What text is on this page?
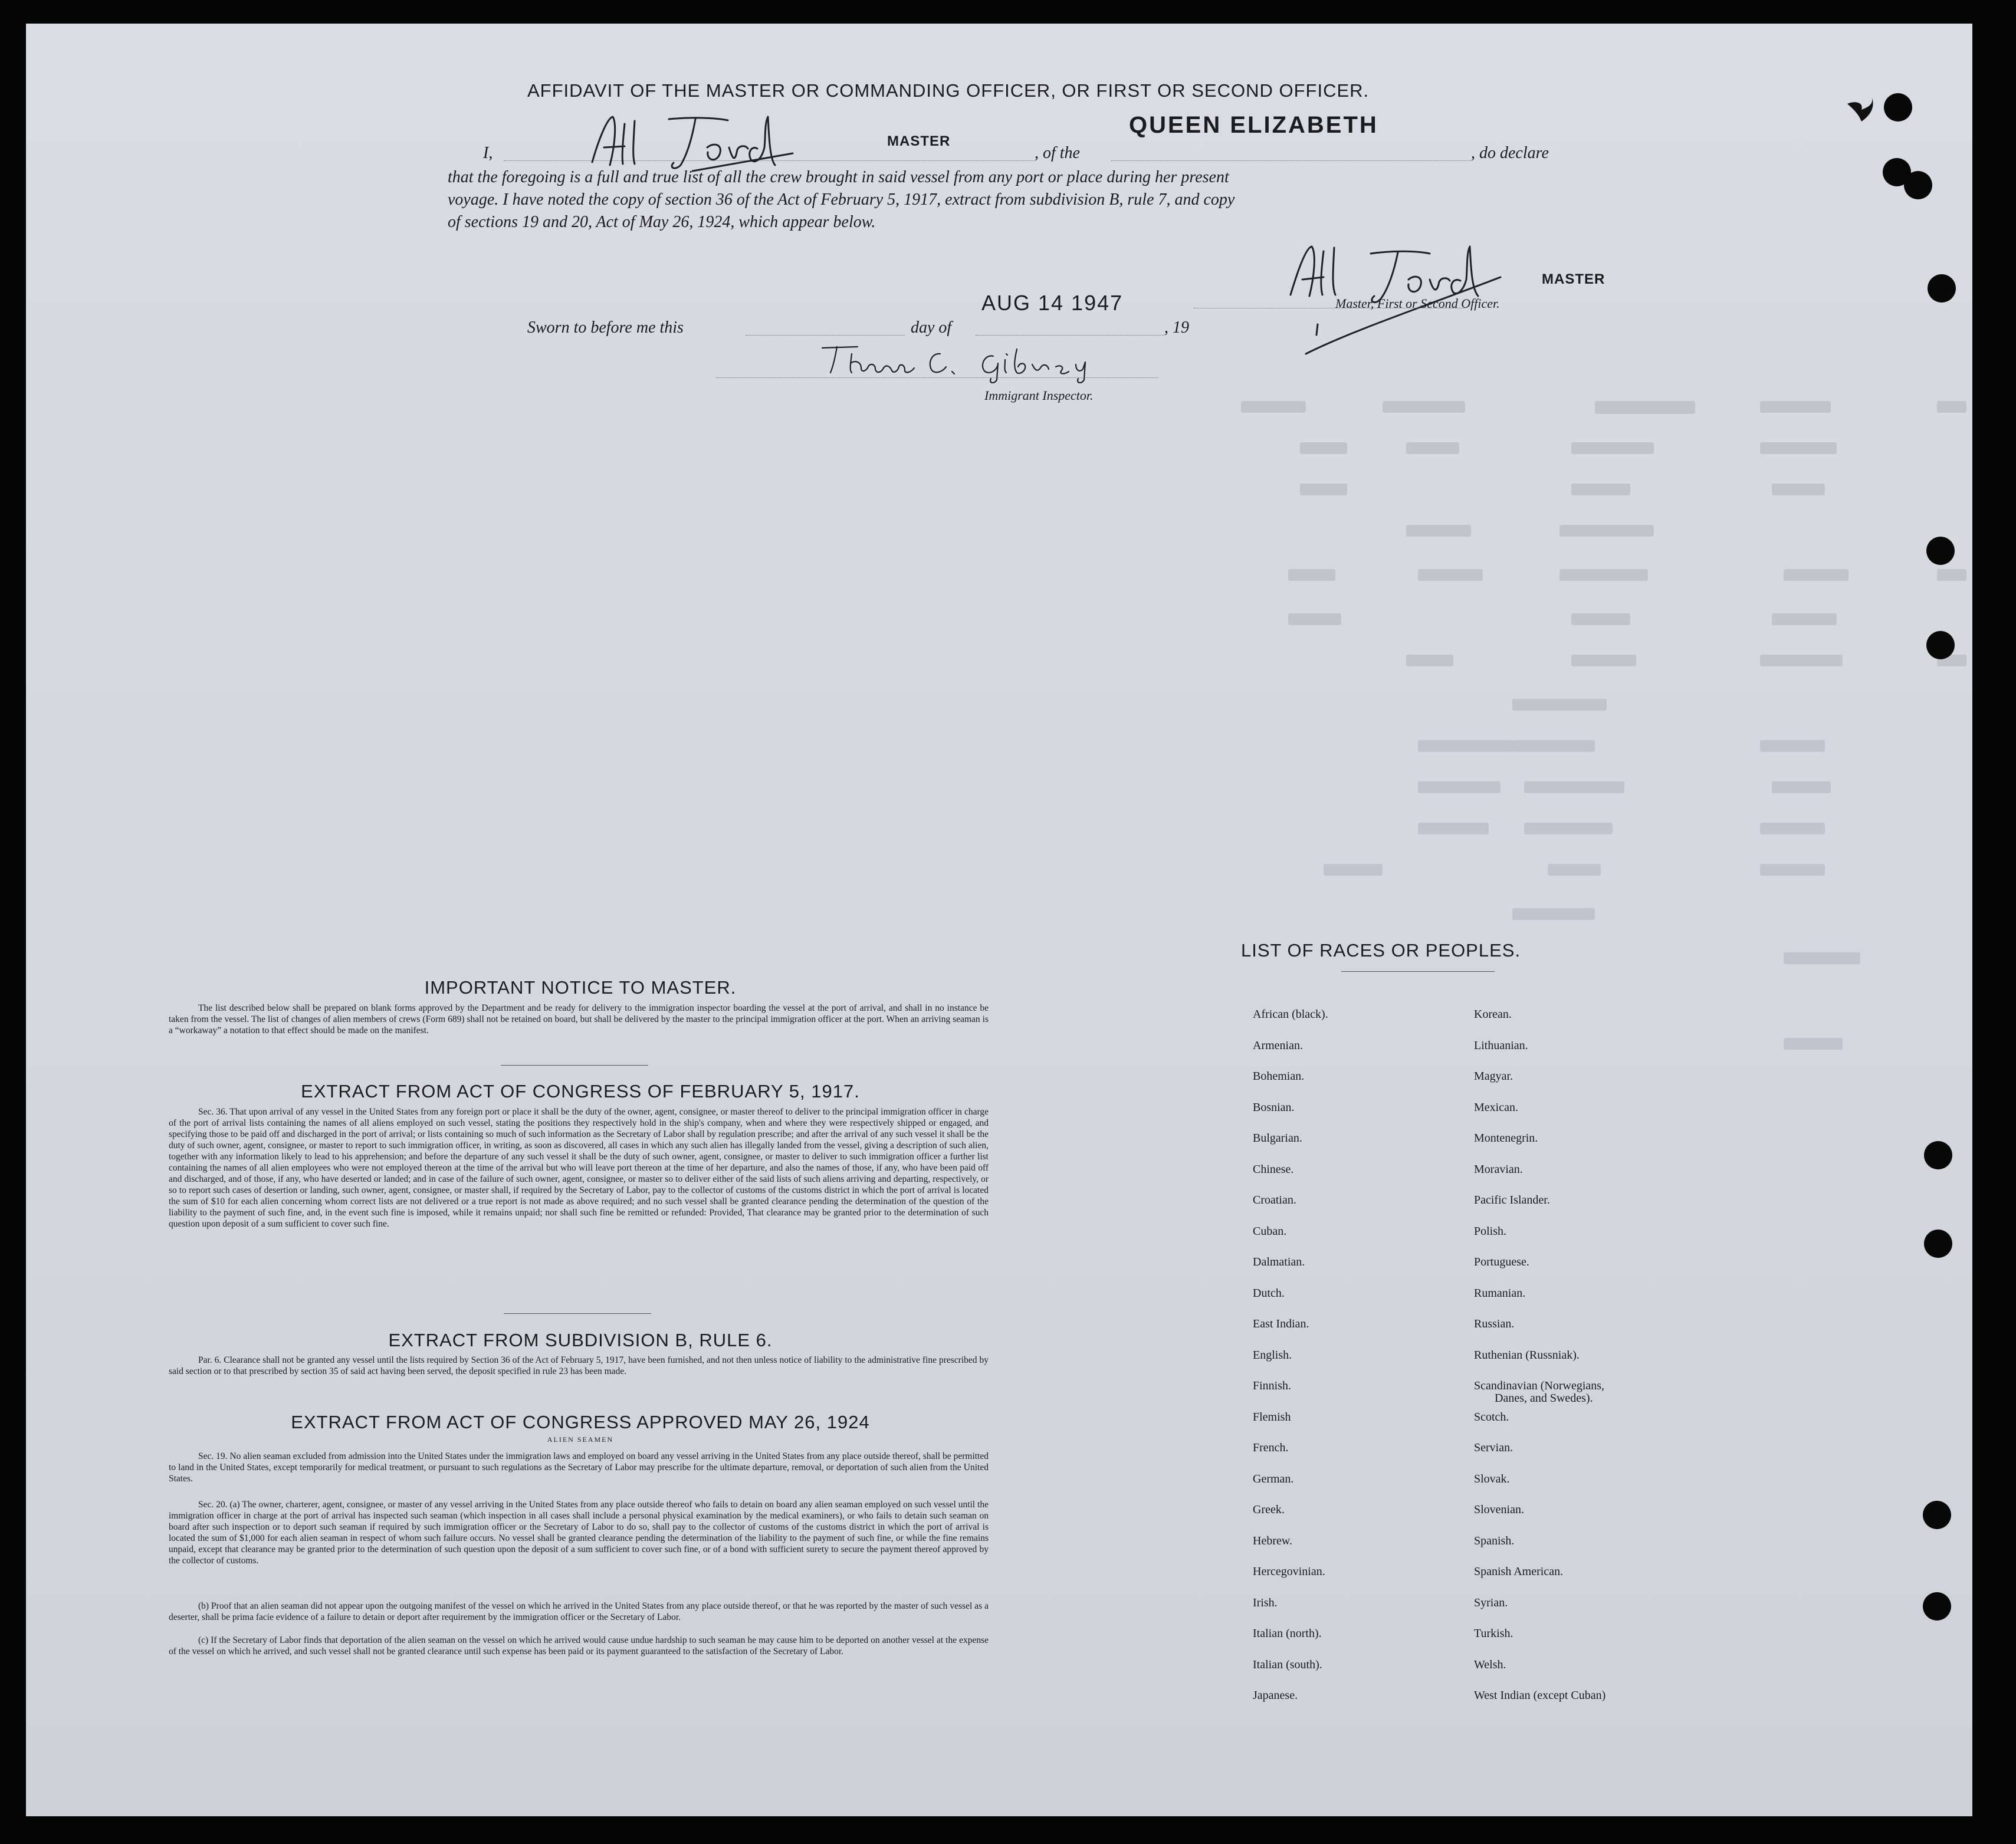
AFFIDAVIT OF THE MASTER OR COMMANDING OFFICER, OR FIRST OR SECOND OFFICER.
I,
MASTER
, of the
QUEEN ELIZABETH
, do declare
that the foregoing is a full and true list of all the crew brought in said vessel from any port or place during her present
voyage. I have noted the copy of section 36 of the Act of February 5, 1917, extract from subdivision B, rule 7, and copy
of sections 19 and 20, Act of May 26, 1924, which appear below.
AUG 14 1947
MASTER
Master, First or Second Officer.
Sworn to before me this	day of	, 19
Immigrant Inspector.
IMPORTANT NOTICE TO MASTER.
The list described below shall be prepared on blank forms approved by the Department and be ready for delivery to the immigration inspector boarding the vessel at the port of arrival, and shall in no instance be taken from the vessel. The list of changes of alien members of crews (Form 689) shall not be retained on board, but shall be delivered by the master to the principal immigration officer at the port. When an arriving seaman is a “workaway” a notation to that effect should be made on the manifest.
EXTRACT FROM ACT OF CONGRESS OF FEBRUARY 5, 1917.
Sec. 36. That upon arrival of any vessel in the United States from any foreign port or place it shall be the duty of the owner, agent, consignee, or master thereof to deliver to the principal immigration officer in charge of the port of arrival lists containing the names of all aliens employed on such vessel, stating the positions they respectively hold in the ship's company, when and where they were respectively shipped or engaged, and specifying those to be paid off and discharged in the port of arrival; or lists containing so much of such information as the Secretary of Labor shall by regulation prescribe; and after the arrival of any such vessel it shall be the duty of such owner, agent, consignee, or master to report to such immigration officer, in writing, as soon as discovered, all cases in which any such alien has illegally landed from the vessel, giving a description of such alien, together with any information likely to lead to his apprehension; and before the departure of any such vessel it shall be the duty of such owner, agent, consignee, or master to deliver to such immigration officer a further list containing the names of all alien employees who were not employed thereon at the time of the arrival but who will leave port thereon at the time of her departure, and also the names of those, if any, who have been paid off and discharged, and of those, if any, who have deserted or landed; and in case of the failure of such owner, agent, consignee, or master so to deliver either of the said lists of such aliens arriving and departing, respectively, or so to report such cases of desertion or landing, such owner, agent, consignee, or master shall, if required by the Secretary of Labor, pay to the collector of customs of the customs district in which the port of arrival is located the sum of $10 for each alien concerning whom correct lists are not delivered or a true report is not made as above required; and no such vessel shall be granted clearance pending the determination of the question of the liability to the payment of such fine, and, in the event such fine is imposed, while it remains unpaid; nor shall such fine be remitted or refunded: Provided, That clearance may be granted prior to the determination of such question upon deposit of a sum sufficient to cover such fine.
EXTRACT FROM SUBDIVISION B, RULE 6.
Par. 6. Clearance shall not be granted any vessel until the lists required by Section 36 of the Act of February 5, 1917, have been furnished, and not then unless notice of liability to the administrative fine prescribed by said section or to that prescribed by section 35 of said act having been served, the deposit specified in rule 23 has been made.
EXTRACT FROM ACT OF CONGRESS APPROVED MAY 26, 1924
ALIEN SEAMEN
Sec. 19. No alien seaman excluded from admission into the United States under the immigration laws and employed on board any vessel arriving in the United States from any place outside thereof, shall be permitted to land in the United States, except temporarily for medical treatment, or pursuant to such regulations as the Secretary of Labor may prescribe for the ultimate departure, removal, or deportation of such alien from the United States.
Sec. 20. (a) The owner, charterer, agent, consignee, or master of any vessel arriving in the United States from any place outside thereof who fails to detain on board any alien seaman employed on such vessel until the immigration officer in charge at the port of arrival has inspected such seaman (which inspection in all cases shall include a personal physical examination by the medical examiners), or who fails to detain such seaman on board after such inspection or to deport such seaman if required by such immigration officer or the Secretary of Labor to do so, shall pay to the collector of customs of the customs district in which the port of arrival is located the sum of $1,000 for each alien seaman in respect of whom such failure occurs. No vessel shall be granted clearance pending the determination of the liability to the payment of such fine, or while the fine remains unpaid, except that clearance may be granted prior to the determination of such question upon the deposit of a sum sufficient to cover such fine, or of a bond with sufficient surety to secure the payment thereof approved by the collector of customs.
(b) Proof that an alien seaman did not appear upon the outgoing manifest of the vessel on which he arrived in the United States from any place outside thereof, or that he was reported by the master of such vessel as a deserter, shall be prima facie evidence of a failure to detain or deport after requirement by the immigration officer or the Secretary of Labor.
(c) If the Secretary of Labor finds that deportation of the alien seaman on the vessel on which he arrived would cause undue hardship to such seaman he may cause him to be deported on another vessel at the expense of the vessel on which he arrived, and such vessel shall not be granted clearance until such expense has been paid or its payment guaranteed to the satisfaction of the Secretary of Labor.
LIST OF RACES OR PEOPLES.
African (black).
Armenian.
Bohemian.
Bosnian.
Bulgarian.
Chinese.
Croatian.
Cuban.
Dalmatian.
Dutch.
East Indian.
English.
Finnish.
Flemish
French.
German.
Greek.
Hebrew.
Hercegovinian.
Irish.
Italian (north).
Italian (south).
Japanese.
Korean.
Lithuanian.
Magyar.
Mexican.
Montenegrin.
Moravian.
Pacific Islander.
Polish.
Portuguese.
Rumanian.
Russian.
Ruthenian (Russniak).
Scandinavian (Norwegians,
Scotch.
Servian.
Slovak.
Slovenian.
Spanish.
Spanish American.
Syrian.
Turkish.
Welsh.
West Indian (except Cuban)
Danes, and Swedes).
